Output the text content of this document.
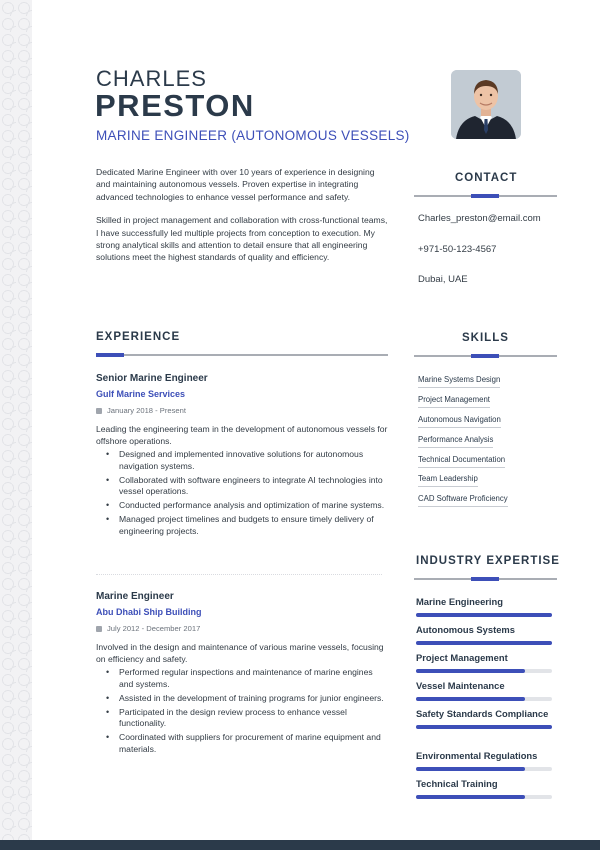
CHARLES
PRESTON
MARINE ENGINEER (AUTONOMOUS VESSELS)

Dedicated Marine Engineer with over 10 years of experience in designing and maintaining autonomous vessels. Proven expertise in integrating advanced technologies to enhance vessel performance and safety.

Skilled in project management and collaboration with cross-functional teams, I have successfully led multiple projects from conception to execution. My strong analytical skills and attention to detail ensure that all engineering solutions meet the highest standards of quality and efficiency.

CONTACT
Charles_preston@email.com
+971-50-123-4567
Dubai, UAE
EXPERIENCE
Senior Marine Engineer
Gulf Marine Services
January 2018 - Present
Leading the engineering team in the development of autonomous vessels for offshore operations.
• Designed and implemented innovative solutions for autonomous navigation systems.
• Collaborated with software engineers to integrate AI technologies into vessel operations.
• Conducted performance analysis and optimization of marine systems.
• Managed project timelines and budgets to ensure timely delivery of engineering projects.
Marine Engineer
Abu Dhabi Ship Building
July 2012 - December 2017
Involved in the design and maintenance of various marine vessels, focusing on efficiency and safety.
• Performed regular inspections and maintenance of marine engines and systems.
• Assisted in the development of training programs for junior engineers.
• Participated in the design review process to enhance vessel functionality.
• Coordinated with suppliers for procurement of marine equipment and materials.
SKILLS
Marine Systems Design
Project Management
Autonomous Navigation
Performance Analysis
Technical Documentation
Team Leadership
CAD Software Proficiency
INDUSTRY EXPERTISE
Marine Engineering
Autonomous Systems
Project Management
Vessel Maintenance
Safety Standards Compliance
Environmental Regulations
Technical Training
